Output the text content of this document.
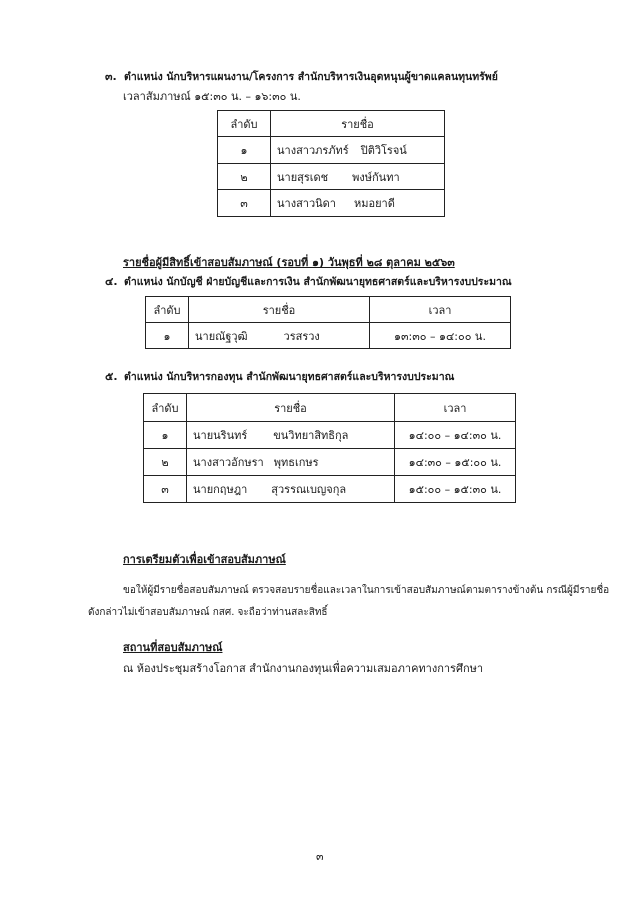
๓. ตำแหน่ง นักบริหารแผนงาน/โครงการ สำนักบริหารเงินอุดหนุนผู้ขาดแคลนทุนทรัพย์
เวลาสัมภาษณ์ ๑๕:๓๐ น. – ๑๖:๓๐ น.
ลำดับ	รายชื่อ
๑	นางสาวภรภัทร์ ปิติวิโรจน์
๒	นายสุรเดช พงษ์กันทา
๓	นางสาวนิดา หมอยาดี
รายชื่อผู้มีสิทธิ์เข้าสอบสัมภาษณ์ (รอบที่ ๑) วันพุธที่ ๒๘ ตุลาคม ๒๕๖๓
๔. ตำแหน่ง นักบัญชี ฝ่ายบัญชีและการเงิน สำนักพัฒนายุทธศาสตร์และบริหารงบประมาณ
ลำดับ	รายชื่อ	เวลา
๑	นายณัฐวุฒิ วรสรวง	๑๓:๓๐ – ๑๔:๐๐ น.
๕. ตำแหน่ง นักบริหารกองทุน สำนักพัฒนายุทธศาสตร์และบริหารงบประมาณ
ลำดับ	รายชื่อ	เวลา
๑	นายนรินทร์ ขนวิทยาสิทธิกุล	๑๔:๐๐ – ๑๔:๓๐ น.
๒	นางสาวอักษรา พุทธเกษร	๑๔:๓๐ – ๑๕:๐๐ น.
๓	นายกฤษฎา สุวรรณเบญจกุล	๑๕:๐๐ – ๑๕:๓๐ น.
การเตรียมตัวเพื่อเข้าสอบสัมภาษณ์
ขอให้ผู้มีรายชื่อสอบสัมภาษณ์ ตรวจสอบรายชื่อและเวลาในการเข้าสอบสัมภาษณ์ตามตารางข้างต้น กรณีผู้มีรายชื่อ
ดังกล่าวไม่เข้าสอบสัมภาษณ์ กสศ. จะถือว่าท่านสละสิทธิ์
สถานที่สอบสัมภาษณ์
ณ ห้องประชุมสร้างโอกาส สำนักงานกองทุนเพื่อความเสมอภาคทางการศึกษา
๓
